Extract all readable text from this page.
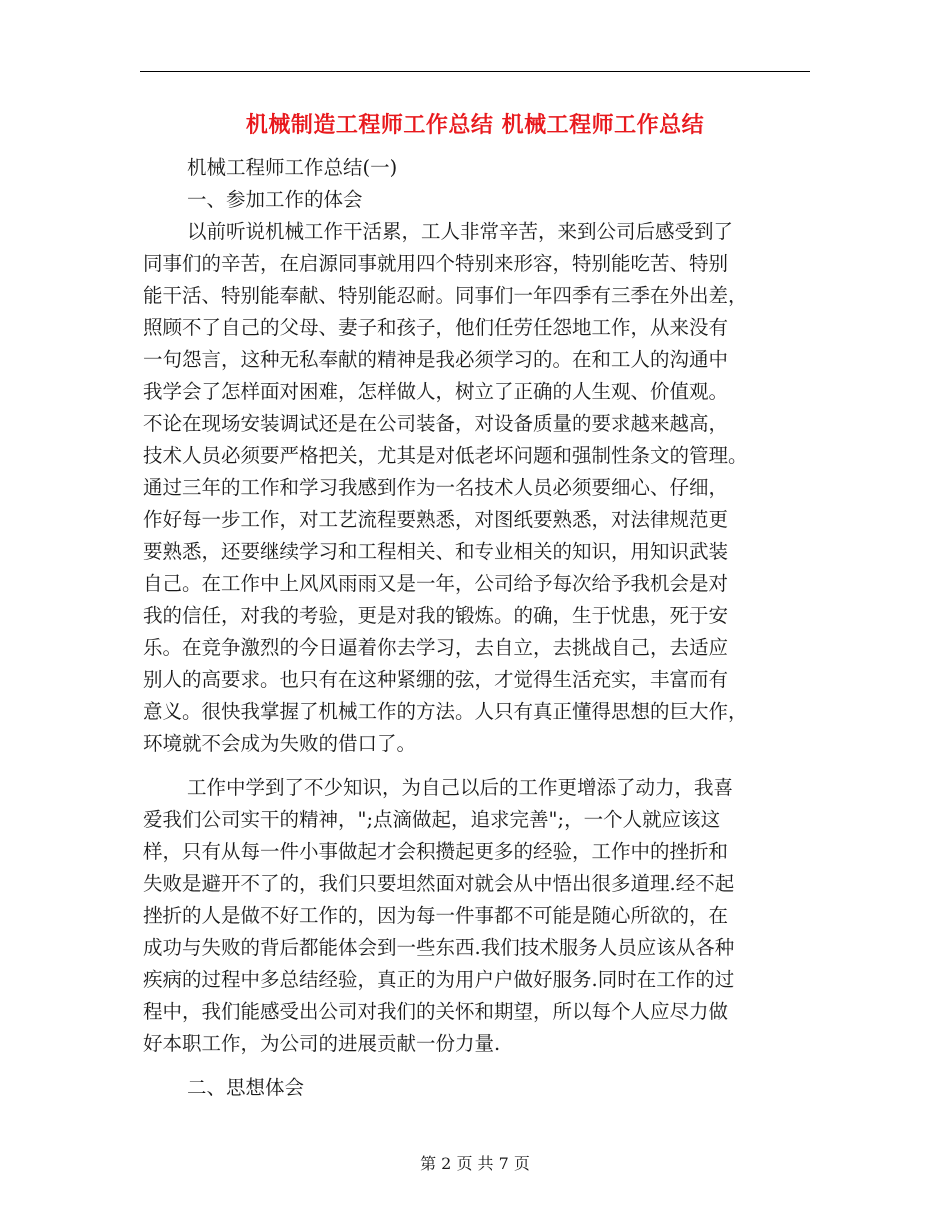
机械制造工程师工作总结 机械工程师工作总结

机械工程师工作总结(一)

一、参加工作的体会

以前听说机械工作干活累，工人非常辛苦，来到公司后感受到了

同事们的辛苦，在启源同事就用四个特别来形容，特别能吃苦、特别

能干活、特别能奉献、特别能忍耐。同事们一年四季有三季在外出差，

照顾不了自己的父母、妻子和孩子，他们任劳任怨地工作，从来没有

一句怨言，这种无私奉献的精神是我必须学习的。在和工人的沟通中

我学会了怎样面对困难，怎样做人，树立了正确的人生观、价值观。

不论在现场安装调试还是在公司装备，对设备质量的要求越来越高，

技术人员必须要严格把关，尤其是对低老坏问题和强制性条文的管理。

通过三年的工作和学习我感到作为一名技术人员必须要细心、仔细，

作好每一步工作，对工艺流程要熟悉，对图纸要熟悉，对法律规范更

要熟悉，还要继续学习和工程相关、和专业相关的知识，用知识武装

自己。在工作中上风风雨雨又是一年，公司给予每次给予我机会是对

我的信任，对我的考验，更是对我的锻炼。的确，生于忧患，死于安

乐。在竞争激烈的今日逼着你去学习，去自立，去挑战自己，去适应

别人的高要求。也只有在这种紧绷的弦，才觉得生活充实，丰富而有

意义。很快我掌握了机械工作的方法。人只有真正懂得思想的巨大作，

环境就不会成为失败的借口了。

工作中学到了不少知识，为自己以后的工作更增添了动力，我喜

爱我们公司实干的精神，";点滴做起，追求完善";，一个人就应该这

样，只有从每一件小事做起才会积攒起更多的经验，工作中的挫折和

失败是避开不了的，我们只要坦然面对就会从中悟出很多道理.经不起

挫折的人是做不好工作的，因为每一件事都不可能是随心所欲的，在

成功与失败的背后都能体会到一些东西.我们技术服务人员应该从各种

疾病的过程中多总结经验，真正的为用户户做好服务.同时在工作的过

程中，我们能感受出公司对我们的关怀和期望，所以每个人应尽力做

好本职工作，为公司的进展贡献一份力量.

二、思想体会

第 2 页 共 7 页
